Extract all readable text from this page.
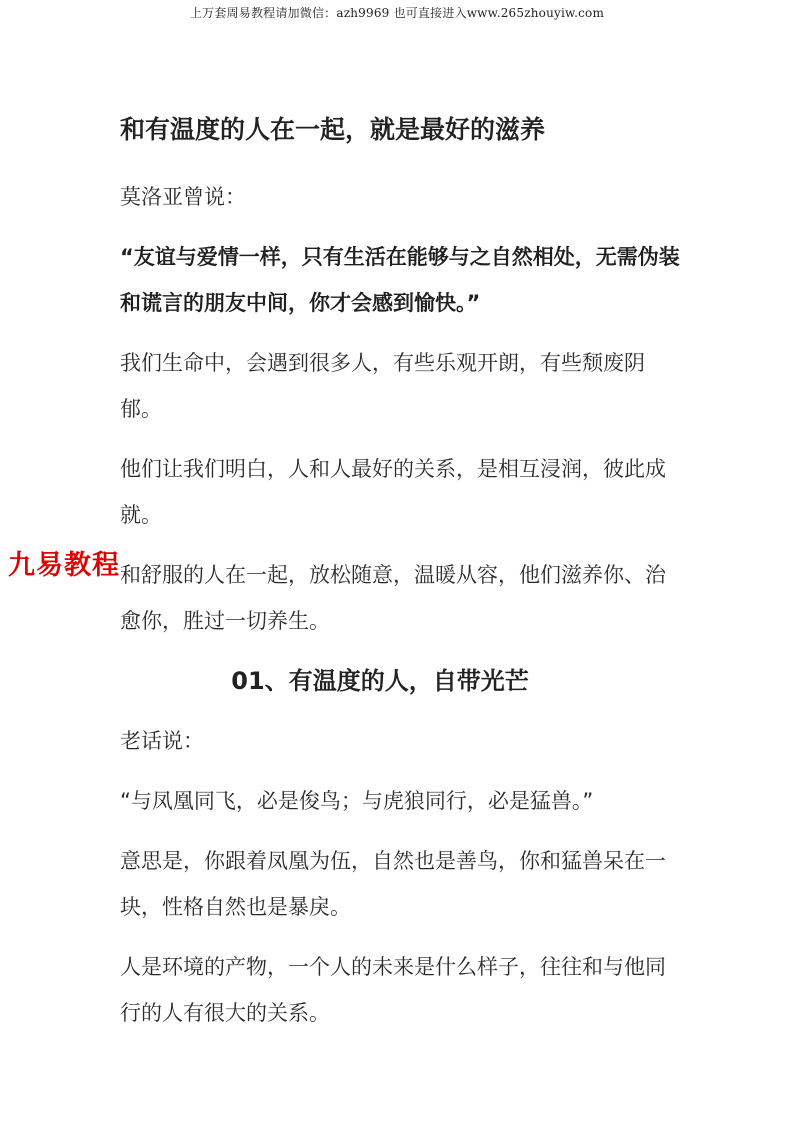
上万套周易教程请加微信：azh9969 也可直接进入www.265zhouyiw.com
和有温度的人在一起，就是最好的滋养

莫洛亚曾说：

“友谊与爱情一样，只有生活在能够与之自然相处，无需伪装和谎言的朋友中间，你才会感到愉快。”

我们生命中，会遇到很多人，有些乐观开朗，有些颓废阴郁。

他们让我们明白，人和人最好的关系，是相互浸润，彼此成就。

和舒服的人在一起，放松随意，温暖从容，他们滋养你、治愈你，胜过一切养生。

01、有温度的人，自带光芒

老话说：

“与凤凰同飞，必是俊鸟；与虎狼同行，必是猛兽。”

意思是，你跟着凤凰为伍，自然也是善鸟，你和猛兽呆在一块，性格自然也是暴戾。

人是环境的产物，一个人的未来是什么样子，往往和与他同行的人有很大的关系。

九易教程
